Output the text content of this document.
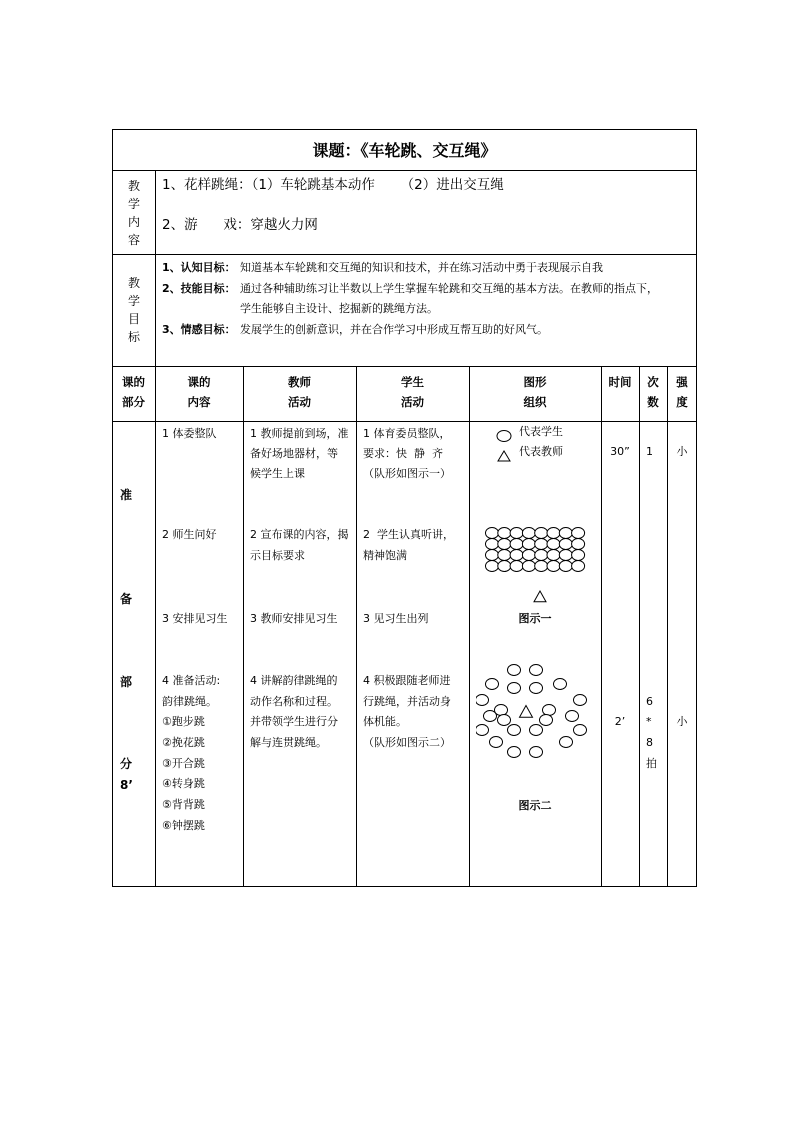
课题：《车轮跳、交互绳》
教学内容
1、花样跳绳：（1）车轮跳基本动作      （2）进出交互绳
2、游      戏：穿越火力网
教学目标
1、认知目标： 知道基本车轮跳和交互绳的知识和技术，并在练习活动中勇于表现展示自我
2、技能目标： 通过各种辅助练习让半数以上学生掌握车轮跳和交互绳的基本方法。在教师的指点下，
学生能够自主设计、挖掘新的跳绳方法。
3、情感目标： 发展学生的创新意识，并在合作学习中形成互帮互助的好风气。
课的
部分
课的
内容
教师
活动
学生
活动
图形
组织
时间	次
数
强
度
准
备
部
分
8’
1 体委整队
2 师生问好
3 安排见习生
4 准备活动:
韵律跳绳。
①跑步跳
②挽花跳
③开合跳
④转身跳
⑤背背跳
⑥钟摆跳
1 教师提前到场，准
备好场地器材，等
候学生上课
2 宣布课的内容，揭
示目标要求
3 教师安排见习生
4 讲解韵律跳绳的
动作名称和过程。
并带领学生进行分
解与连贯跳绳。
1 体育委员整队，
要求：快  静  齐
（队形如图示一）
2  学生认真听讲，
精神饱满
3 见习生出列
4 积极跟随老师进
行跳绳，并活动身
体机能。
（队形如图示二）
代表学生
代表教师
图示一
图示二
30”
2’
1
6
*
8
拍
小
小
